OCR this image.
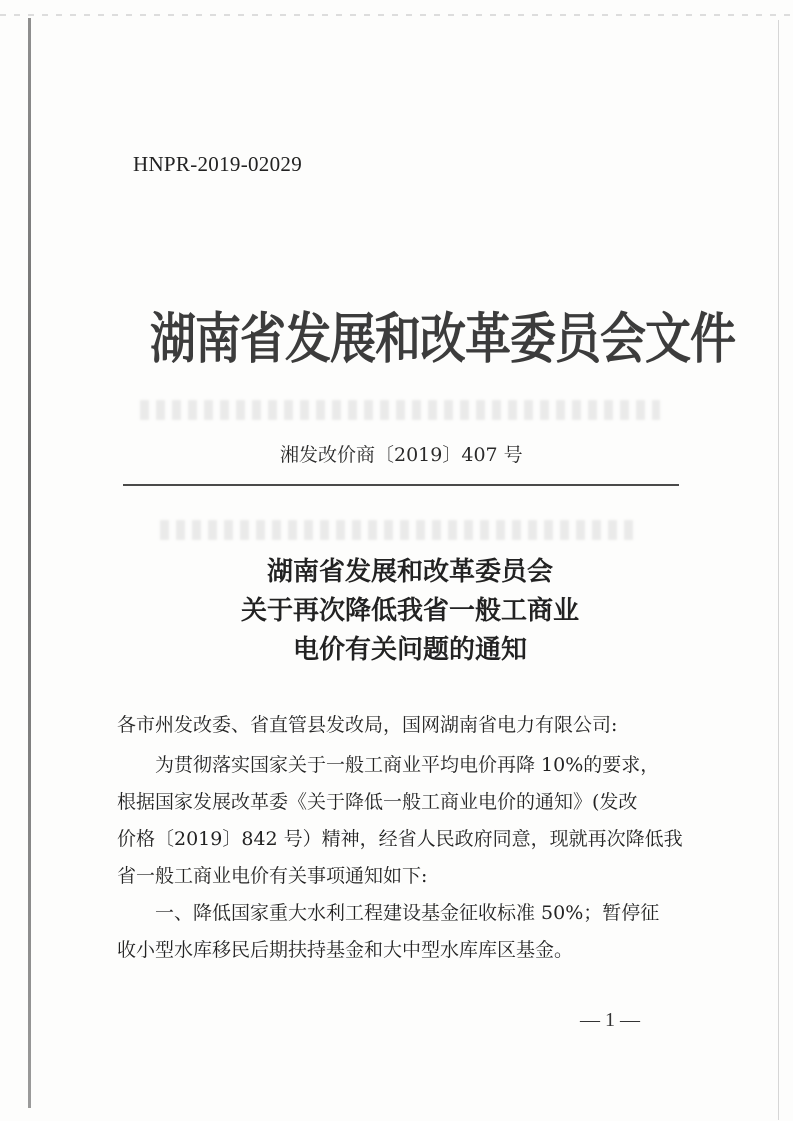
HNPR-2019-02029
湖南省发展和改革委员会文件
湘发改价商〔2019〕407 号
湖南省发展和改革委员会
关于再次降低我省一般工商业
电价有关问题的通知
各市州发改委、省直管县发改局，国网湖南省电力有限公司:

为贯彻落实国家关于一般工商业平均电价再降 10%的要求，

根据国家发展改革委《关于降低一般工商业电价的通知》(发改

价格〔2019〕842 号）精神，经省人民政府同意，现就再次降低我

省一般工商业电价有关事项通知如下:

一、降低国家重大水利工程建设基金征收标准 50%；暂停征

收小型水库移民后期扶持基金和大中型水库库区基金。

— 1 —
